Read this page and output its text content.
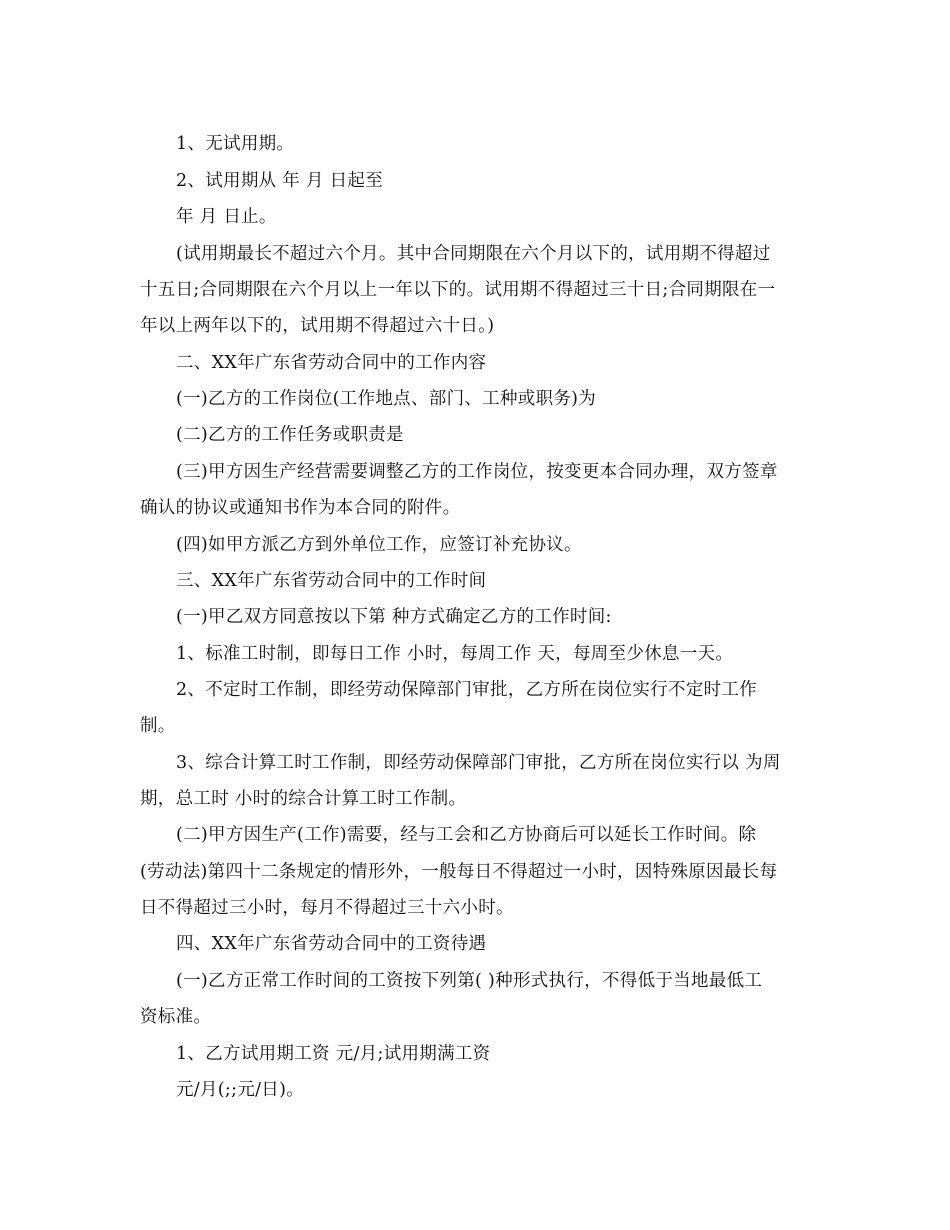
1、无试用期。
2、试用期从 年 月 日起至
年 月 日止。
(试用期最长不超过六个月。其中合同期限在六个月以下的，试用期不得超过
十五日;合同期限在六个月以上一年以下的。试用期不得超过三十日;合同期限在一
年以上两年以下的，试用期不得超过六十日。)
二、XX年广东省劳动合同中的工作内容
(一)乙方的工作岗位(工作地点、部门、工种或职务)为
(二)乙方的工作任务或职责是
(三)甲方因生产经营需要调整乙方的工作岗位，按变更本合同办理，双方签章
确认的协议或通知书作为本合同的附件。
(四)如甲方派乙方到外单位工作，应签订补充协议。
三、XX年广东省劳动合同中的工作时间
(一)甲乙双方同意按以下第 种方式确定乙方的工作时间:
1、标准工时制，即每日工作 小时，每周工作 天，每周至少休息一天。
2、不定时工作制，即经劳动保障部门审批，乙方所在岗位实行不定时工作
制。
3、综合计算工时工作制，即经劳动保障部门审批，乙方所在岗位实行以 为周
期，总工时 小时的综合计算工时工作制。
(二)甲方因生产(工作)需要，经与工会和乙方协商后可以延长工作时间。除
(劳动法)第四十二条规定的情形外，一般每日不得超过一小时，因特殊原因最长每
日不得超过三小时，每月不得超过三十六小时。
四、XX年广东省劳动合同中的工资待遇
(一)乙方正常工作时间的工资按下列第( )种形式执行，不得低于当地最低工
资标准。
1、乙方试用期工资 元/月;试用期满工资
元/月(;;元/日)。
